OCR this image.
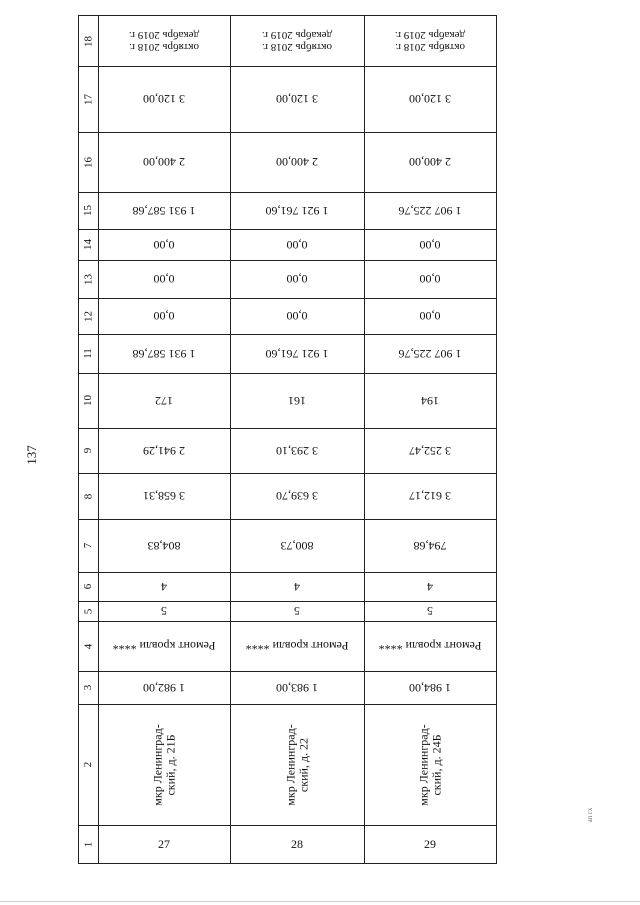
137
ап гх
18
17
16
15
14
13
12
11
10
9
8
7
6
5
4
3
2
1
октябрь 2018 г.
декабрь 2019 г.
3 120,00
2 400,00
1 931 587,68
0,00
0,00
0,00
1 931 587,68
172
2 941,29
3 658,31
804,83
4
5
Ремонт кровли ****
1 982,00
мкр Ленинград-
ский, д. 21Б
27
октябрь 2018 г.
декабрь 2019 г.
3 120,00
2 400,00
1 921 761,60
0,00
0,00
0,00
1 921 761,60
161
3 293,10
3 639,70
800,73
4
5
Ремонт кровли ****
1 983,00
мкр Ленинград-
ский, д. 22
28
октябрь 2018 г.
декабрь 2019 г.
3 120,00
2 400,00
1 907 225,76
0,00
0,00
0,00
1 907 225,76
194
3 252,47
3 612,17
794,68
4
5
Ремонт кровли ****
1 984,00
мкр Ленинград-
ский, д. 24Б
29
